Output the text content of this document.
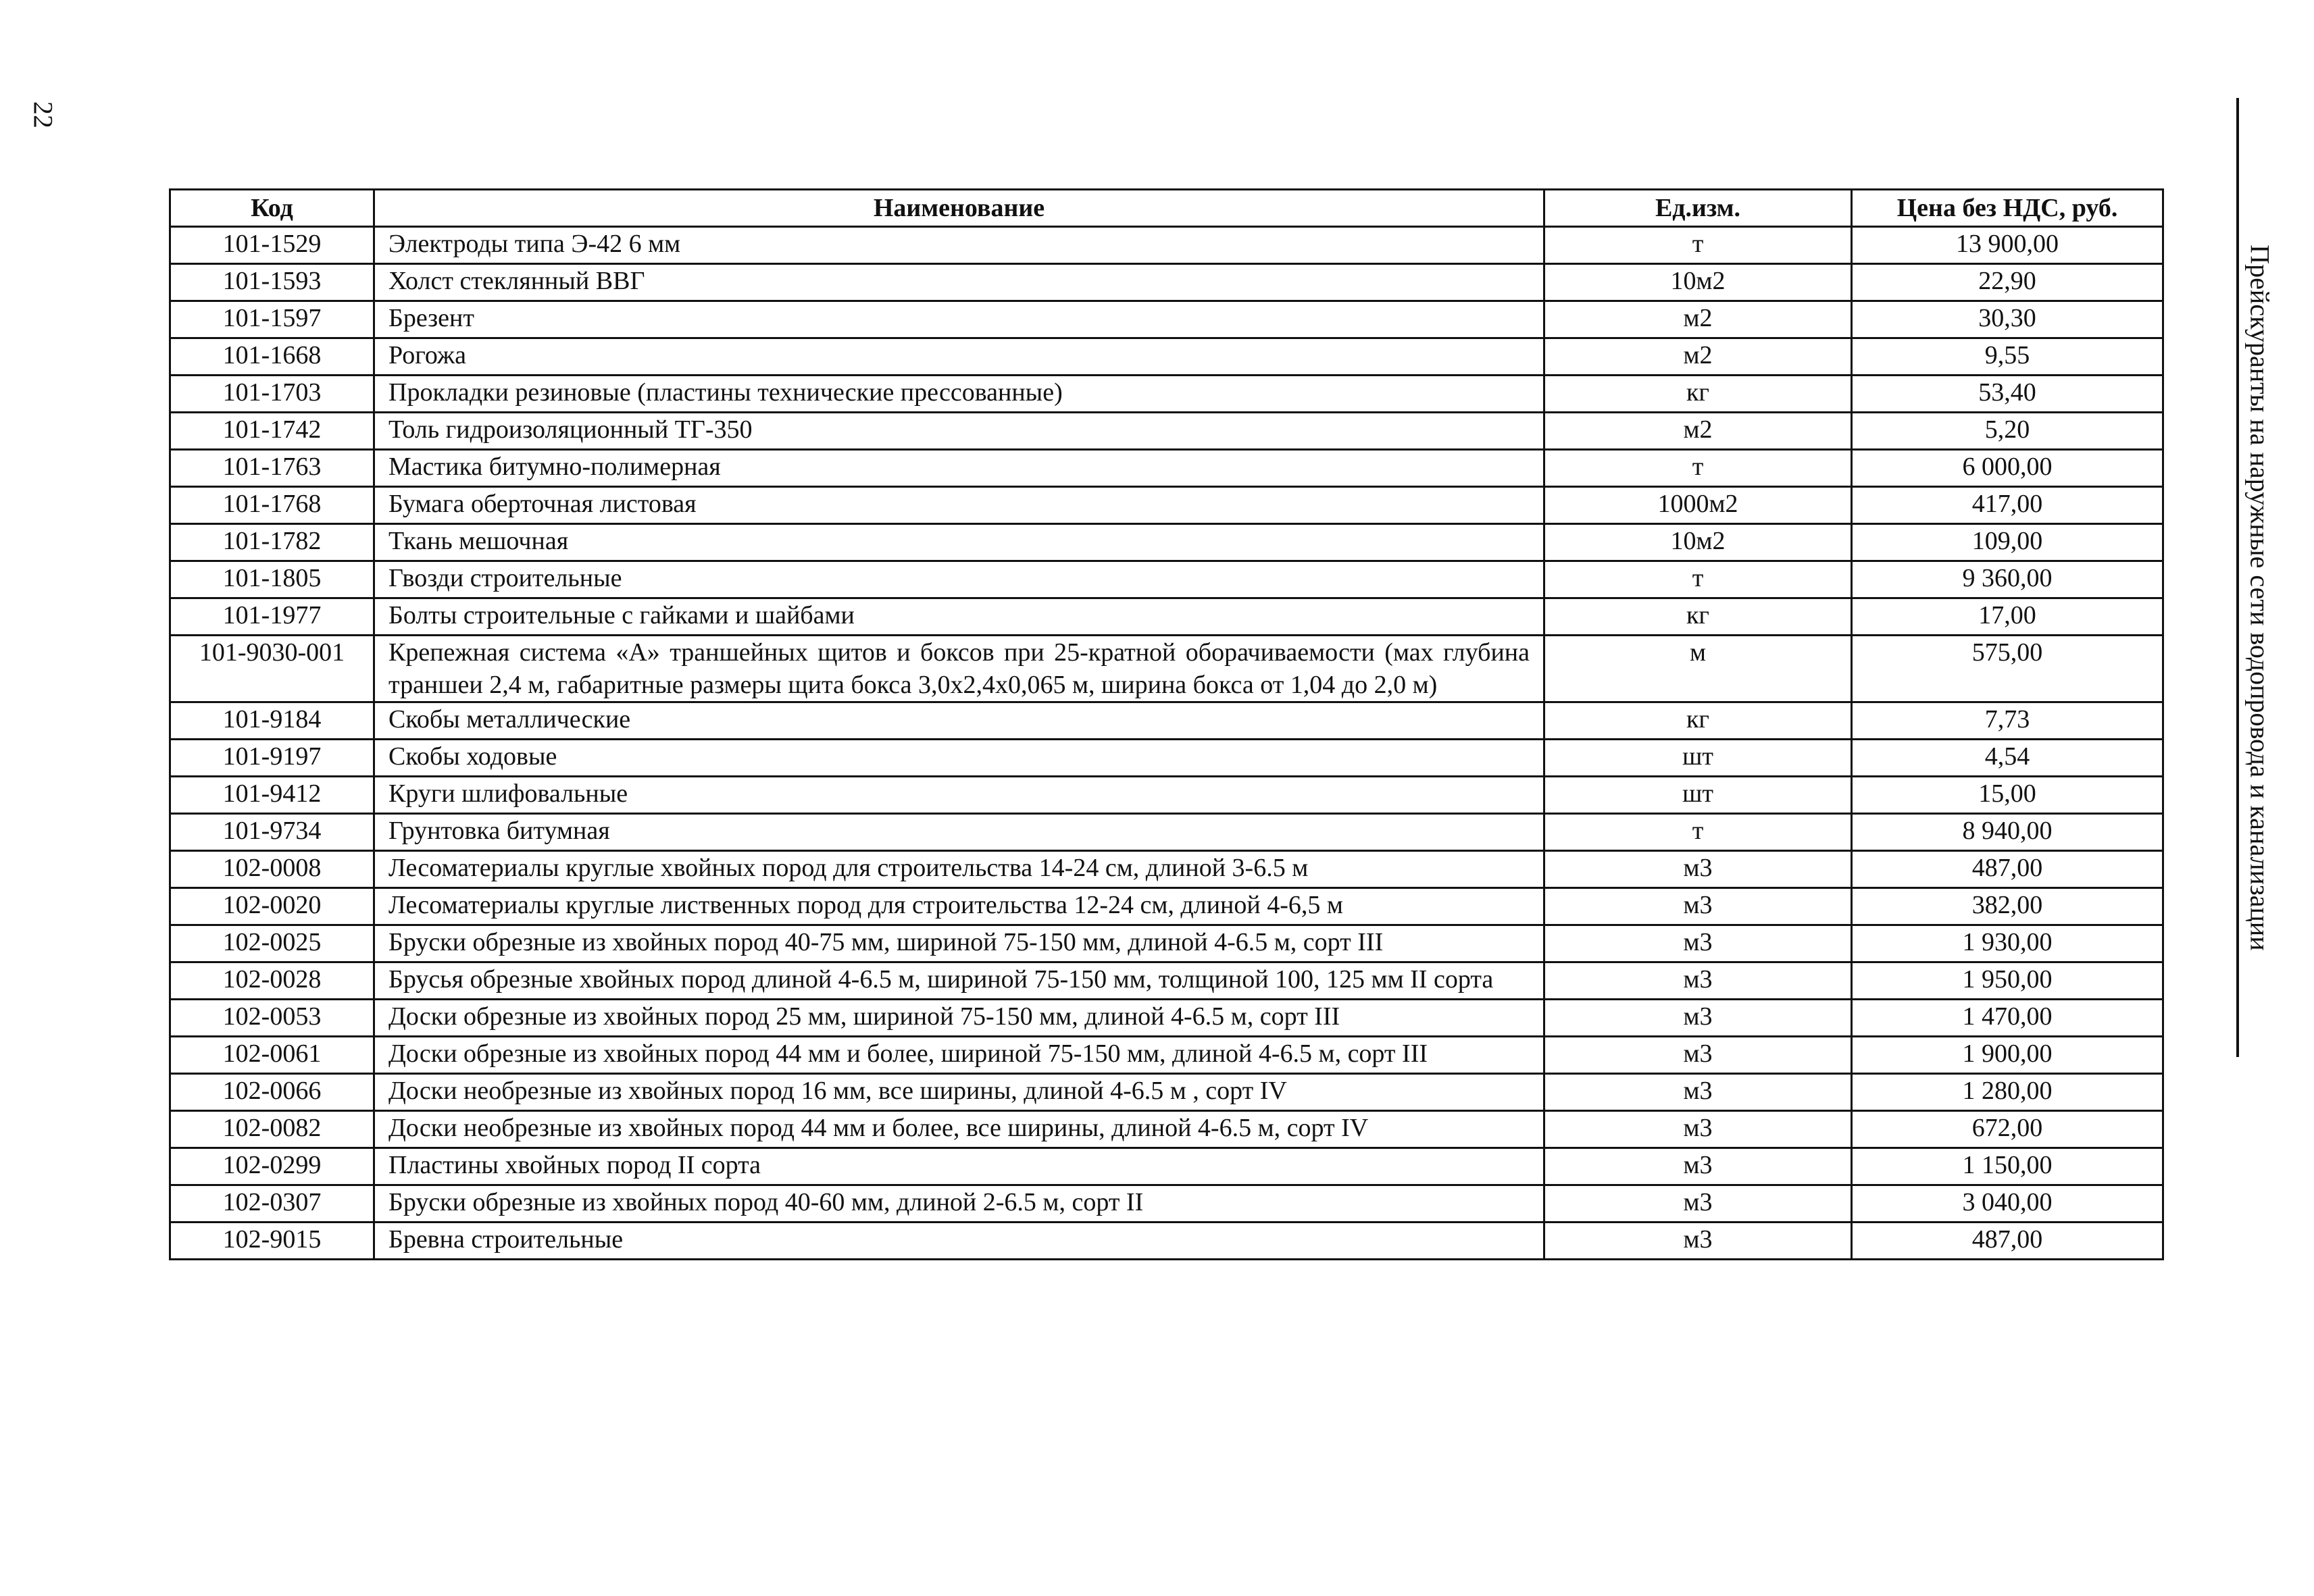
22
Прейскуранты на наружные сети водопровода и канализации
Код	Наименование	Ед.изм.	Цена без НДС, руб.
101-1529	Электроды типа Э-42 6 мм	т	13 900,00
101-1593	Холст стеклянный ВВГ	10м2	22,90
101-1597	Брезент	м2	30,30
101-1668	Рогожа	м2	9,55
101-1703	Прокладки резиновые (пластины технические прессованные)	кг	53,40
101-1742	Толь гидроизоляционный ТГ-350	м2	5,20
101-1763	Мастика битумно-полимерная	т	6 000,00
101-1768	Бумага оберточная листовая	1000м2	417,00
101-1782	Ткань мешочная	10м2	109,00
101-1805	Гвозди строительные	т	9 360,00
101-1977	Болты строительные с гайками и шайбами	кг	17,00
101-9030-001	Крепежная система «А» траншейных щитов и боксов при 25-кратной оборачиваемости (мах глубина траншеи 2,4 м, габаритные размеры щита бокса 3,0х2,4х0,065 м, ширина бокса от 1,04 до 2,0 м)	м	575,00
101-9184	Скобы металлические	кг	7,73
101-9197	Скобы ходовые	шт	4,54
101-9412	Круги шлифовальные	шт	15,00
101-9734	Грунтовка битумная	т	8 940,00
102-0008	Лесоматериалы круглые хвойных пород для строительства 14-24 см, длиной 3-6.5 м	м3	487,00
102-0020	Лесоматериалы круглые лиственных пород для строительства 12-24 см, длиной 4-6,5 м	м3	382,00
102-0025	Бруски обрезные из хвойных пород 40-75 мм, шириной 75-150 мм, длиной 4-6.5 м, сорт III	м3	1 930,00
102-0028	Брусья обрезные хвойных пород длиной 4-6.5 м, шириной 75-150 мм, толщиной 100, 125 мм II сорта	м3	1 950,00
102-0053	Доски обрезные из хвойных пород 25 мм, шириной 75-150 мм, длиной 4-6.5 м, сорт III	м3	1 470,00
102-0061	Доски обрезные из хвойных пород 44 мм и более, шириной 75-150 мм, длиной 4-6.5 м, сорт III	м3	1 900,00
102-0066	Доски необрезные из хвойных пород 16 мм, все ширины, длиной 4-6.5 м , сорт IV	м3	1 280,00
102-0082	Доски необрезные из хвойных пород 44 мм и более, все ширины, длиной 4-6.5 м, сорт IV	м3	672,00
102-0299	Пластины хвойных пород II сорта	м3	1 150,00
102-0307	Бруски обрезные из хвойных пород 40-60 мм, длиной 2-6.5 м, сорт II	м3	3 040,00
102-9015	Бревна строительные	м3	487,00
